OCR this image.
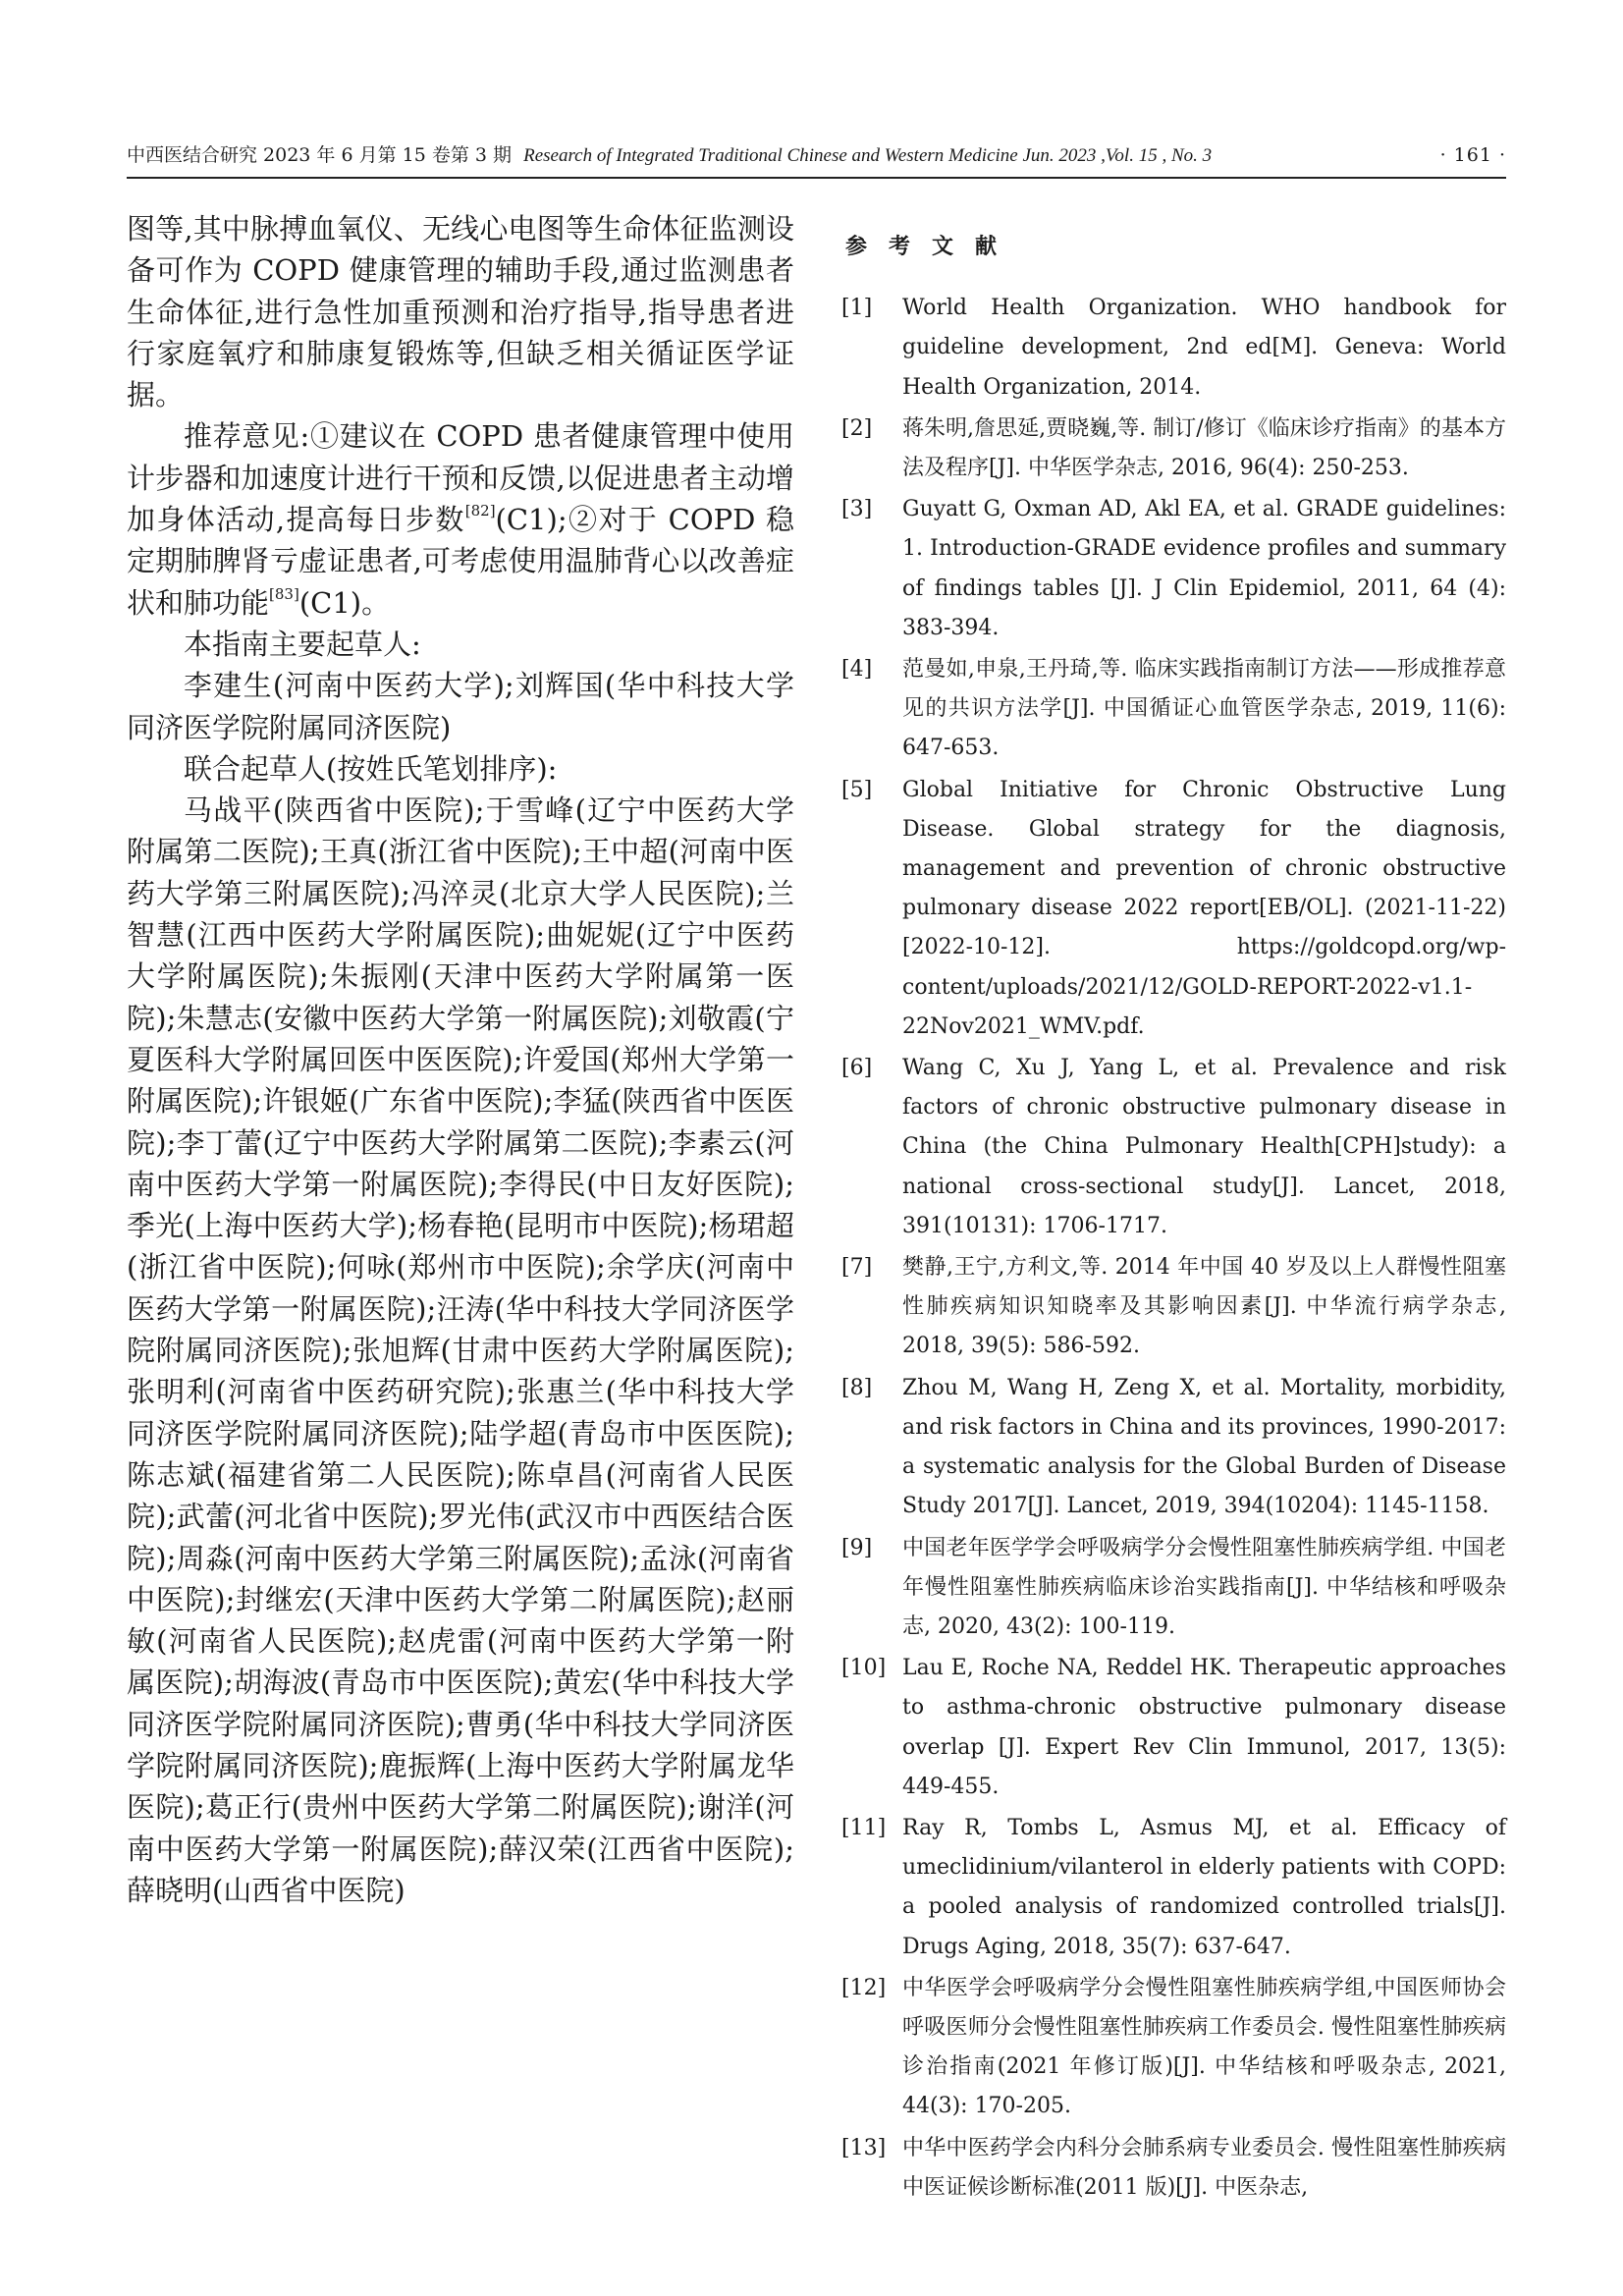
中西医结合研究 2023 年 6 月第 15 卷第 3 期 Research of Integrated Traditional Chinese and Western Medicine Jun. 2023 ,Vol. 15 , No. 3	· 161 ·

图等,其中脉搏血氧仪、无线心电图等生命体征监测设备可作为 COPD 健康管理的辅助手段,通过监测患者生命体征,进行急性加重预测和治疗指导,指导患者进行家庭氧疗和肺康复锻炼等,但缺乏相关循证医学证据。

推荐意见:①建议在 COPD 患者健康管理中使用计步器和加速度计进行干预和反馈,以促进患者主动增加身体活动,提高每日步数[82](C1);②对于 COPD 稳定期肺脾肾亏虚证患者,可考虑使用温肺背心以改善症状和肺功能[83](C1)。

本指南主要起草人:

李建生(河南中医药大学);刘辉国(华中科技大学同济医学院附属同济医院)

联合起草人(按姓氏笔划排序):

马战平(陕西省中医院);于雪峰(辽宁中医药大学附属第二医院);王真(浙江省中医院);王中超(河南中医药大学第三附属医院);冯淬灵(北京大学人民医院);兰智慧(江西中医药大学附属医院);曲妮妮(辽宁中医药大学附属医院);朱振刚(天津中医药大学附属第一医院);朱慧志(安徽中医药大学第一附属医院);刘敬霞(宁夏医科大学附属回医中医医院);许爱国(郑州大学第一附属医院);许银姬(广东省中医院);李猛(陕西省中医医院);李丁蕾(辽宁中医药大学附属第二医院);李素云(河南中医药大学第一附属医院);李得民(中日友好医院);季光(上海中医药大学);杨春艳(昆明市中医院);杨珺超(浙江省中医院);何咏(郑州市中医院);余学庆(河南中医药大学第一附属医院);汪涛(华中科技大学同济医学院附属同济医院);张旭辉(甘肃中医药大学附属医院);张明利(河南省中医药研究院);张惠兰(华中科技大学同济医学院附属同济医院);陆学超(青岛市中医医院);陈志斌(福建省第二人民医院);陈卓昌(河南省人民医院);武蕾(河北省中医院);罗光伟(武汉市中西医结合医院);周淼(河南中医药大学第三附属医院);孟泳(河南省中医院);封继宏(天津中医药大学第二附属医院);赵丽敏(河南省人民医院);赵虎雷(河南中医药大学第一附属医院);胡海波(青岛市中医医院);黄宏(华中科技大学同济医学院附属同济医院);曹勇(华中科技大学同济医学院附属同济医院);鹿振辉(上海中医药大学附属龙华医院);葛正行(贵州中医药大学第二附属医院);谢洋(河南中医药大学第一附属医院);薛汉荣(江西省中医院);薛晓明(山西省中医院)

参考文献
[1]	World Health Organization. WHO handbook for guideline development, 2nd ed[M]. Geneva: World Health Organization, 2014.
[2]	蒋朱明,詹思延,贾晓巍,等. 制订/修订《临床诊疗指南》的基本方法及程序[J]. 中华医学杂志, 2016, 96(4): 250-253.
[3]	Guyatt G, Oxman AD, Akl EA, et al. GRADE guidelines: 1. Introduction-GRADE evidence profiles and summary of findings tables [J]. J Clin Epidemiol, 2011, 64 (4): 383-394.
[4]	范曼如,申泉,王丹琦,等. 临床实践指南制订方法——形成推荐意见的共识方法学[J]. 中国循证心血管医学杂志, 2019, 11(6): 647-653.
[5]	Global Initiative for Chronic Obstructive Lung Disease. Global strategy for the diagnosis, management and prevention of chronic obstructive pulmonary disease 2022 report[EB/OL]. (2021-11-22) [2022-10-12]. https://goldcopd.org/wp-content/uploads/2021/12/GOLD-REPORT-2022-v1.1-22Nov2021_WMV.pdf.
[6]	Wang C, Xu J, Yang L, et al. Prevalence and risk factors of chronic obstructive pulmonary disease in China (the China Pulmonary Health[CPH]study): a national cross-sectional study[J]. Lancet, 2018, 391(10131): 1706-1717.
[7]	樊静,王宁,方利文,等. 2014 年中国 40 岁及以上人群慢性阻塞性肺疾病知识知晓率及其影响因素[J]. 中华流行病学杂志, 2018, 39(5): 586-592.
[8]	Zhou M, Wang H, Zeng X, et al. Mortality, morbidity, and risk factors in China and its provinces, 1990-2017: a systematic analysis for the Global Burden of Disease Study 2017[J]. Lancet, 2019, 394(10204): 1145-1158.
[9]	中国老年医学学会呼吸病学分会慢性阻塞性肺疾病学组. 中国老年慢性阻塞性肺疾病临床诊治实践指南[J]. 中华结核和呼吸杂志, 2020, 43(2): 100-119.
[10] Lau E, Roche NA, Reddel HK. Therapeutic approaches to asthma-chronic obstructive pulmonary disease overlap [J]. Expert Rev Clin Immunol, 2017, 13(5): 449-455.
[11] Ray R, Tombs L, Asmus MJ, et al. Efficacy of umeclidinium/vilanterol in elderly patients with COPD: a pooled analysis of randomized controlled trials[J]. Drugs Aging, 2018, 35(7): 637-647.
[12] 中华医学会呼吸病学分会慢性阻塞性肺疾病学组,中国医师协会呼吸医师分会慢性阻塞性肺疾病工作委员会. 慢性阻塞性肺疾病诊治指南(2021 年修订版)[J]. 中华结核和呼吸杂志, 2021, 44(3): 170-205.
[13] 中华中医药学会内科分会肺系病专业委员会. 慢性阻塞性肺疾病中医证候诊断标准(2011 版)[J]. 中医杂志,
